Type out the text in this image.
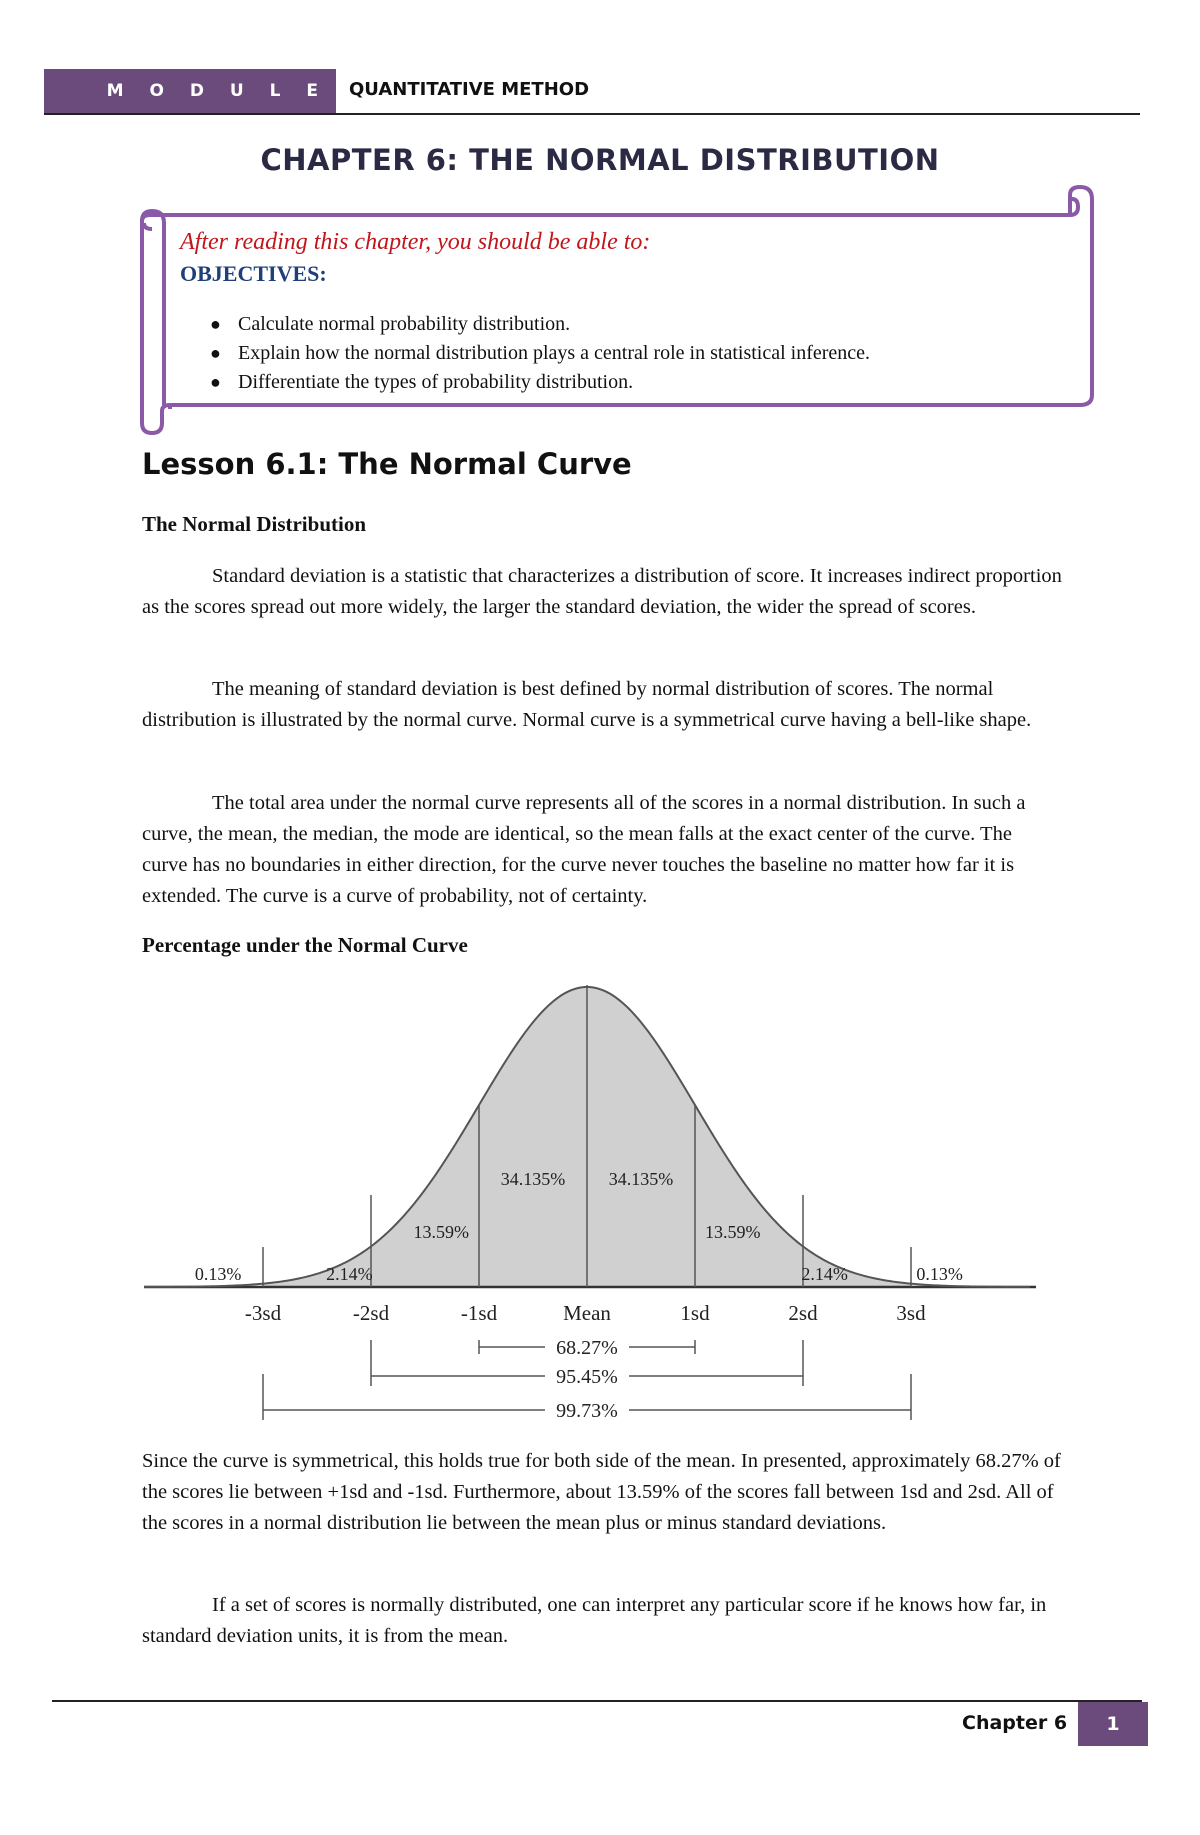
M O D U L E	QUANTITATIVE METHOD
CHAPTER 6: THE NORMAL DISTRIBUTION
After reading this chapter, you should be able to:
OBJECTIVES:
● Calculate normal probability distribution.
● Explain how the normal distribution plays a central role in statistical inference.
● Differentiate the types of probability distribution.
Lesson 6.1: The Normal Curve
The Normal Distribution

Standard deviation is a statistic that characterizes a distribution of score. It increases indirect proportion as the scores spread out more widely, the larger the standard deviation, the wider the spread of scores.

The meaning of standard deviation is best defined by normal distribution of scores. The normal distribution is illustrated by the normal curve. Normal curve is a symmetrical curve having a bell-like shape.

The total area under the normal curve represents all of the scores in a normal distribution. In such a curve, the mean, the median, the mode are identical, so the mean falls at the exact center of the curve. The curve has no boundaries in either direction, for the curve never touches the baseline no matter how far it is extended. The curve is a curve of probability, not of certainty.

Percentage under the Normal Curve
0.13%	2.14%
13.59%
34.135% 34.135%
13.59%
2.14%	0.13%
-3sd	-2sd	-1sd	Mean	1sd	2sd	3sd
68.27%
95.45%
99.73%

Since the curve is symmetrical, this holds true for both side of the mean. In presented, approximately 68.27% of the scores lie between +1sd and -1sd. Furthermore, about 13.59% of the scores fall between 1sd and 2sd. All of the scores in a normal distribution lie between the mean plus or minus standard deviations.

If a set of scores is normally distributed, one can interpret any particular score if he knows how far, in standard deviation units, it is from the mean.

Chapter 6	1
